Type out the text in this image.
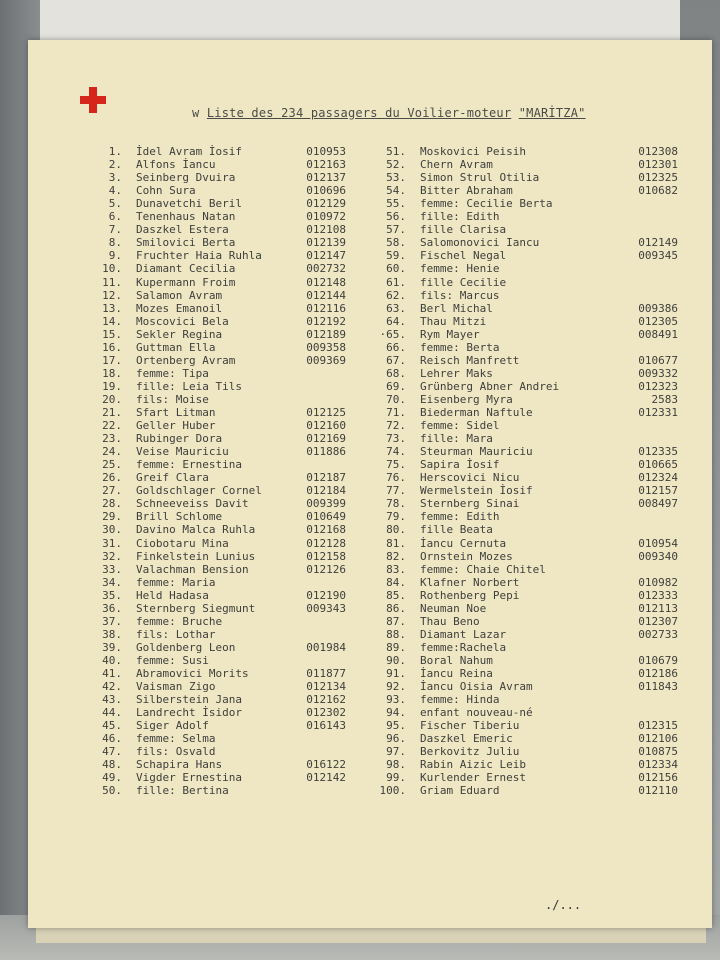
w Liste des 234 passagers du Voilier-moteur "MARİTZA"
1. İdel Avram İosif	010953
2. Alfons İancu	012163
3. Seinberg Dvuira	012137
4. Cohn Sura	010696
5. Dunavetchi Beril	012129
6. Tenenhaus Natan	010972
7. Daszkel Estera	012108
8. Smilovici Berta	012139
9. Fruchter Haia Ruhla	012147
10. Diamant Cecilia	002732
11. Kupermann Froim	012148
12. Salamon Avram	012144
13. Mozes Emanoil	012116
14. Moscovici Bela	012192
15. Sekler Regina	012189
16. Guttman Ella	009358
17. Ortenberg Avram	009369
18. femme: Tipa
19. fille: Leia Tils
20. fils: Moise
21. Sfart Litman	012125
22. Geller Huber	012160
23. Rubinger Dora	012169
24. Veise Mauriciu	011886
25. femme: Ernestina
26. Greif Clara	012187
27. Goldschlager Cornel	012184
28. Schneeveiss Davit	009399
29. Brill Schlome	010649
30. Davino Malca Ruhla	012168
31. Ciobotaru Mina	012128
32. Finkelstein Lunius	012158
33. Valachman Bension	012126
34. femme: Maria
35. Held Hadasa	012190
36. Sternberg Siegmunt	009343
37. femme: Bruche
38. fils: Lothar
39. Goldenberg Leon	001984
40. femme: Susi
41. Abramovici Morits	011877
42. Vaisman Zigo	012134
43. Silberstein Jana	012162
44. Landrecht İsidor	012302
45. Siger Adolf	016143
46. femme: Selma
47. fils: Osvald
48. Schapira Hans	016122
49. Vigder Ernestina	012142
50. fille: Bertina
51. Moskovici Peisih	012308
52. Chern Avram	012301
53. Simon Strul Otilia	012325
54. Bitter Abraham	010682
55. femme: Cecilie Berta
56. fille: Edith
57. fille Clarisa
58. Salomonovici Iancu	012149
59. Fischel Negal	009345
60. femme: Henie
61. fille Cecilie
62. fils: Marcus
63. Berl Michal	009386
64. Thau Mitzi	012305
·65. Rym Mayer	008491
66. femme: Berta
67. Reisch Manfrett	010677
68. Lehrer Maks	009332
69. Grünberg Abner Andrei	012323
70. Eisenberg Myra	2583
71. Biederman Naftule	012331
72. femme: Sidel
73. fille: Mara
74. Steurman Mauriciu	012335
75. Sapira İosif	010665
76. Herscovici Nicu	012324
77. Wermelstein İosif	012157
78. Sternberg Sinai	008497
79. femme: Edith
80. fille Beata
81. İancu Cernuta	010954
82. Ornstein Mozes	009340
83. femme: Chaie Chitel
84. Klafner Norbert	010982
85. Rothenberg Pepi	012333
86. Neuman Noe	012113
87. Thau Beno	012307
88. Diamant Lazar	002733
89. femme:Rachela
90. Boral Nahum	010679
91. İancu Reina	012186
92. İancu Oisia Avram	011843
93. femme: Hinda
94. enfant nouveau-né
95. Fischer Tiberiu	012315
96. Daszkel Emeric	012106
97. Berkovitz Juliu	010875
98. Rabin Aizic Leib	012334
99. Kurlender Ernest	012156
100. Griam Eduard	012110
./...
